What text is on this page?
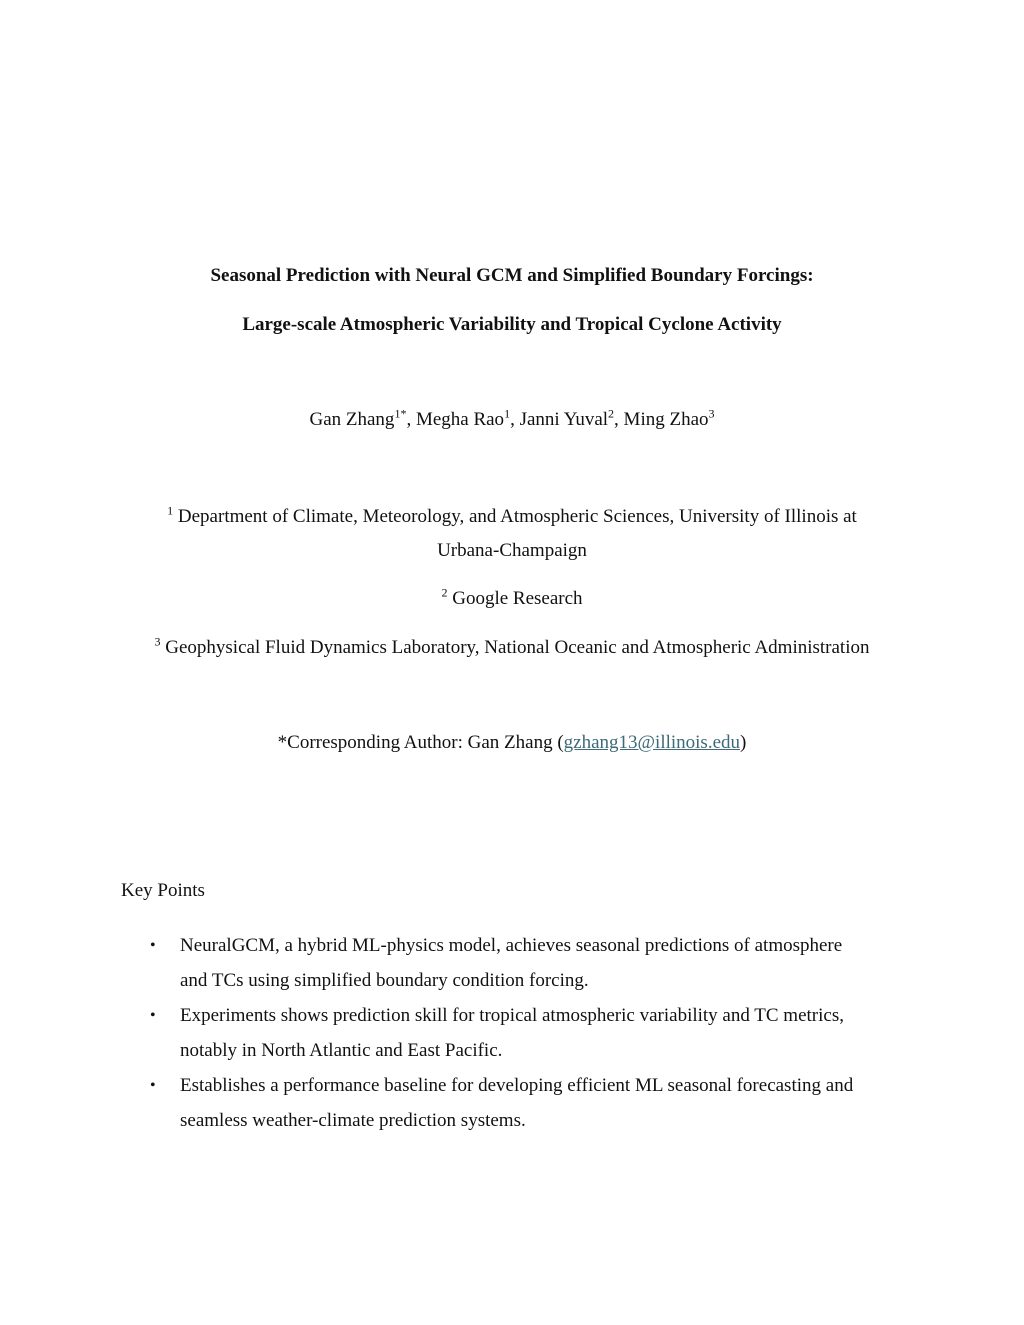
Seasonal Prediction with Neural GCM and Simplified Boundary Forcings:
Large-scale Atmospheric Variability and Tropical Cyclone Activity
Gan Zhang$^{1*}$, Megha Rao$^1$, Janni Yuval$^2$, Ming Zhao$^3$
$^1$ Department of Climate, Meteorology, and Atmospheric Sciences, University of Illinois at
Urbana-Champaign
$^2$ Google Research
$^3$ Geophysical Fluid Dynamics Laboratory, National Oceanic and Atmospheric Administration
*Corresponding Author: Gan Zhang (gzhang13@illinois.edu)
Key Points
• NeuralGCM, a hybrid ML-physics model, achieves seasonal predictions of atmosphere
and TCs using simplified boundary condition forcing.
• Experiments shows prediction skill for tropical atmospheric variability and TC metrics,
notably in North Atlantic and East Pacific.
• Establishes a performance baseline for developing efficient ML seasonal forecasting and
seamless weather-climate prediction systems.
